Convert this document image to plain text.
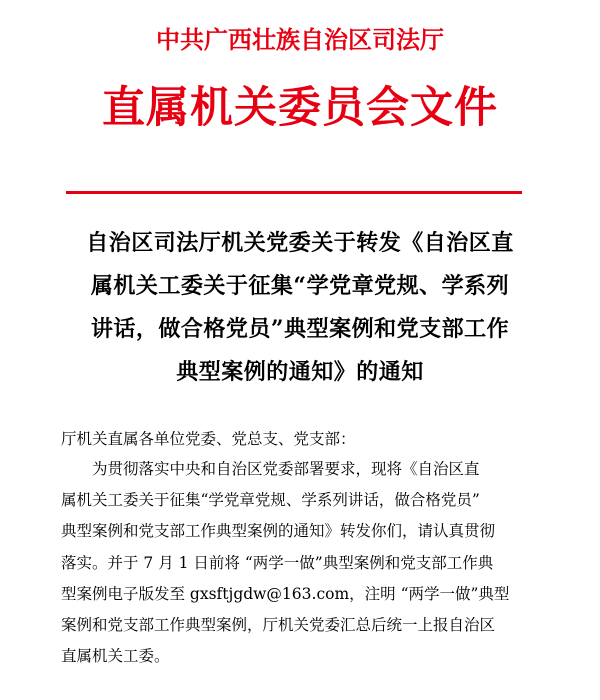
中共广西壮族自治区司法厅
直属机关委员会文件
自治区司法厅机关党委关于转发《自治区直
属机关工委关于征集“学党章党规、学系列
讲话，做合格党员”典型案例和党支部工作
典型案例的通知》的通知
厅机关直属各单位党委、党总支、党支部：
为贯彻落实中央和自治区党委部署要求，现将《自治区直
属机关工委关于征集“学党章党规、学系列讲话，做合格党员”
典型案例和党支部工作典型案例的通知》转发你们，请认真贯彻
落实。并于 7 月 1 日前将 “两学一做”典型案例和党支部工作典
型案例电子版发至 gxsftjgdw@163.com，注明 “两学一做”典型
案例和党支部工作典型案例，厅机关党委汇总后统一上报自治区
直属机关工委。
